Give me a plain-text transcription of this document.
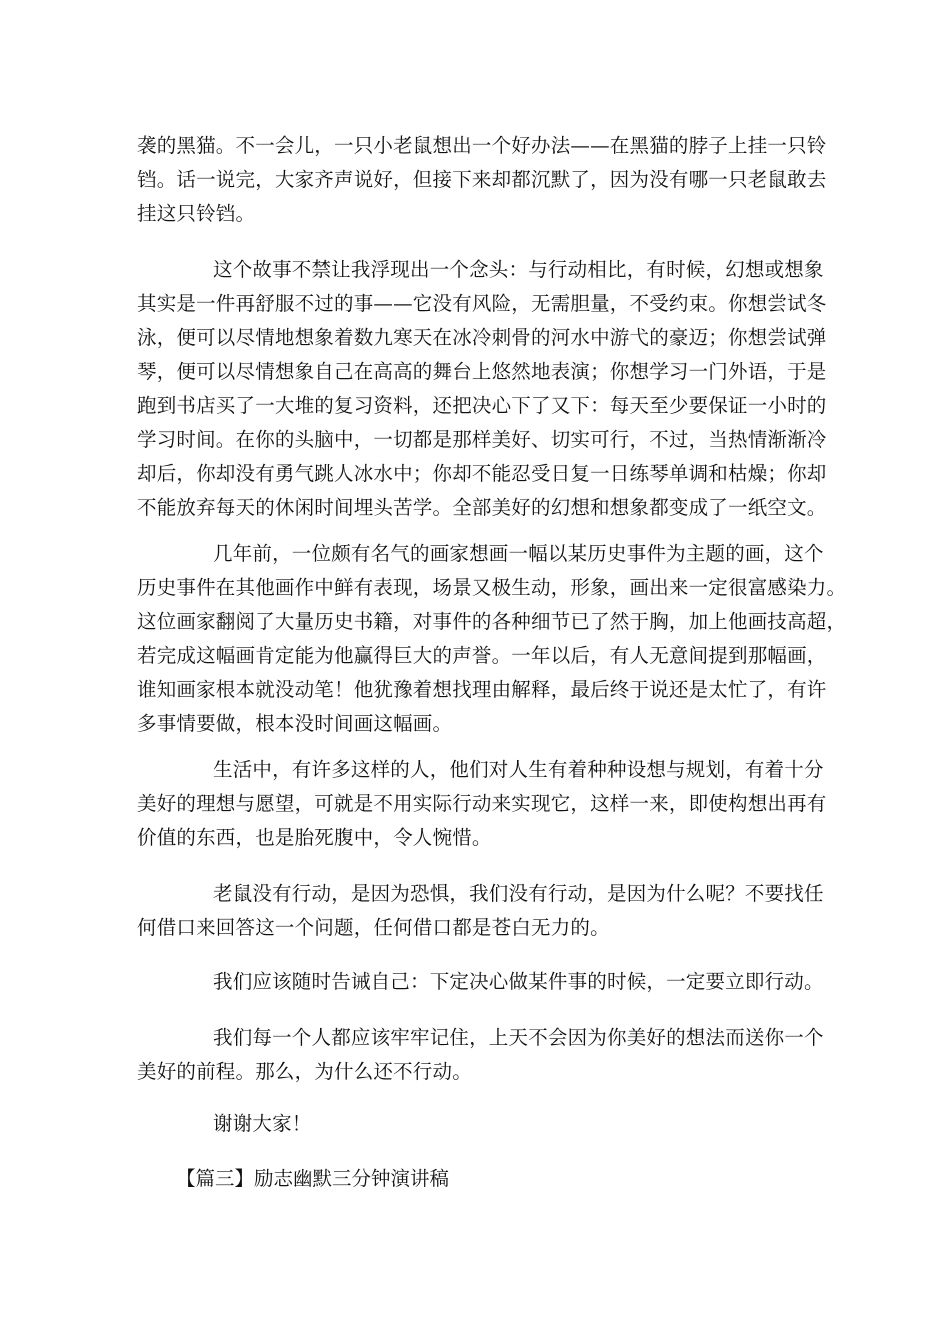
袭的黑猫。不一会儿，一只小老鼠想出一个好办法——在黑猫的脖子上挂一只铃
铛。话一说完，大家齐声说好，但接下来却都沉默了，因为没有哪一只老鼠敢去
挂这只铃铛。

这个故事不禁让我浮现出一个念头：与行动相比，有时候，幻想或想象
其实是一件再舒服不过的事——它没有风险，无需胆量，不受约束。你想尝试冬
泳，便可以尽情地想象着数九寒天在冰冷刺骨的河水中游弋的豪迈；你想尝试弹
琴，便可以尽情想象自己在高高的舞台上悠然地表演；你想学习一门外语，于是
跑到书店买了一大堆的复习资料，还把决心下了又下：每天至少要保证一小时的
学习时间。在你的头脑中，一切都是那样美好、切实可行，不过，当热情渐渐冷
却后，你却没有勇气跳人冰水中；你却不能忍受日复一日练琴单调和枯燥；你却
不能放弃每天的休闲时间埋头苦学。全部美好的幻想和想象都变成了一纸空文。

几年前，一位颇有名气的画家想画一幅以某历史事件为主题的画，这个
历史事件在其他画作中鲜有表现，场景又极生动，形象，画出来一定很富感染力。
这位画家翻阅了大量历史书籍，对事件的各种细节已了然于胸，加上他画技高超，
若完成这幅画肯定能为他赢得巨大的声誉。一年以后，有人无意间提到那幅画，
谁知画家根本就没动笔！他犹豫着想找理由解释，最后终于说还是太忙了，有许
多事情要做，根本没时间画这幅画。

生活中，有许多这样的人，他们对人生有着种种设想与规划，有着十分
美好的理想与愿望，可就是不用实际行动来实现它，这样一来，即使构想出再有
价值的东西，也是胎死腹中，令人惋惜。

老鼠没有行动，是因为恐惧，我们没有行动，是因为什么呢？不要找任
何借口来回答这一个问题，任何借口都是苍白无力的。

我们应该随时告诫自己：下定决心做某件事的时候，一定要立即行动。

我们每一个人都应该牢牢记住，上天不会因为你美好的想法而送你一个
美好的前程。那么，为什么还不行动。

谢谢大家！

【篇三】励志幽默三分钟演讲稿
